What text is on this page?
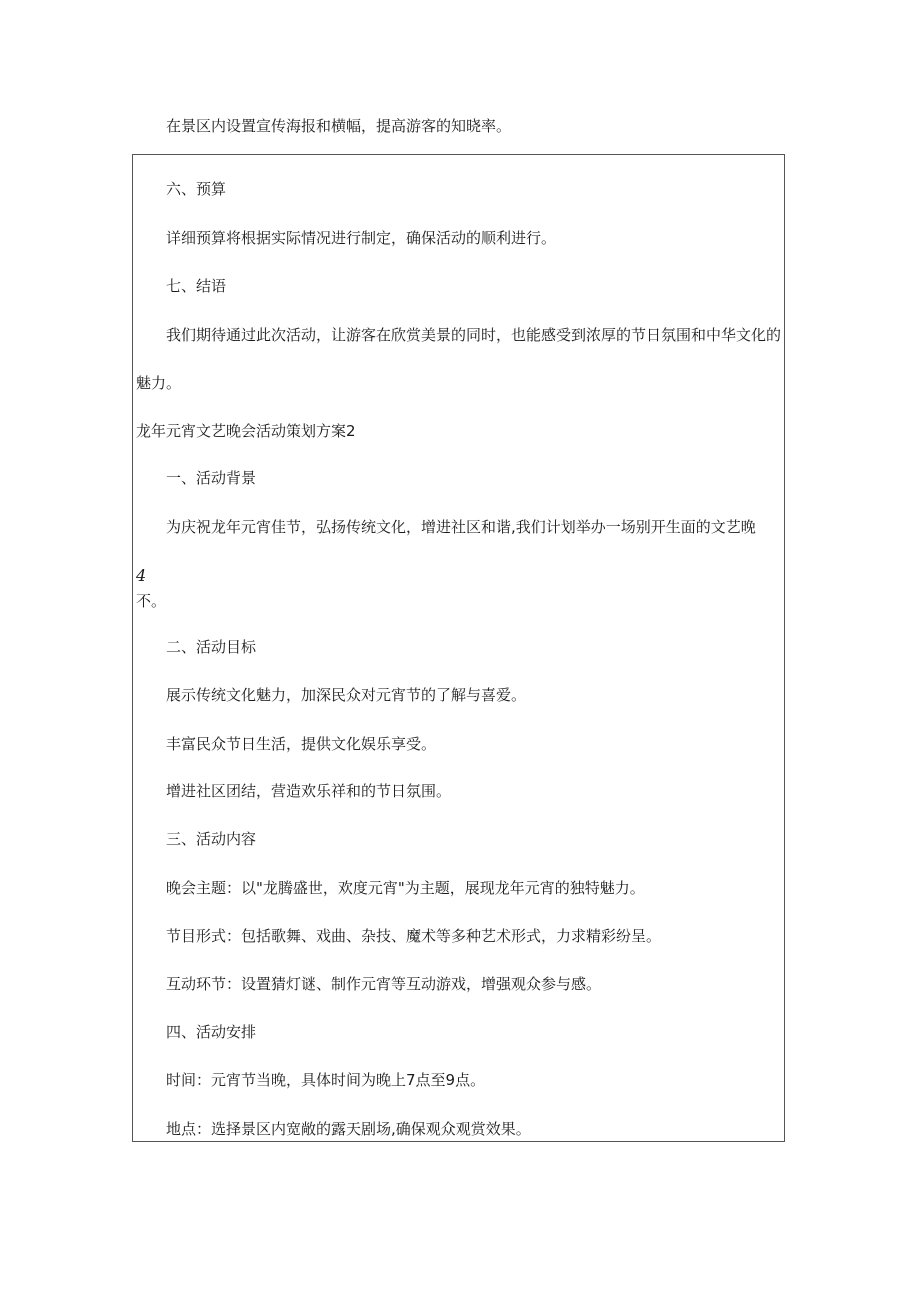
在景区内设置宣传海报和横幅，提高游客的知晓率。
六、预算
详细预算将根据实际情况进行制定，确保活动的顺利进行。
七、结语
我们期待通过此次活动，让游客在欣赏美景的同时，也能感受到浓厚的节日氛围和中华文化的
魅力。
龙年元宵文艺晚会活动策划方案2
一、活动背景
为庆祝龙年元宵佳节，弘扬传统文化，增进社区和谐,我们计划举办一场别开生面的文艺晚
4
不。
二、活动目标
展示传统文化魅力，加深民众对元宵节的了解与喜爱。
丰富民众节日生活，提供文化娱乐享受。
增进社区团结，营造欢乐祥和的节日氛围。
三、活动内容
晚会主题：以"龙腾盛世，欢度元宵"为主题，展现龙年元宵的独特魅力。
节目形式：包括歌舞、戏曲、杂技、魔术等多种艺术形式，力求精彩纷呈。
互动环节：设置猜灯谜、制作元宵等互动游戏，增强观众参与感。
四、活动安排
时间：元宵节当晚，具体时间为晚上7点至9点。
地点：选择景区内宽敞的露天剧场,确保观众观赏效果。
